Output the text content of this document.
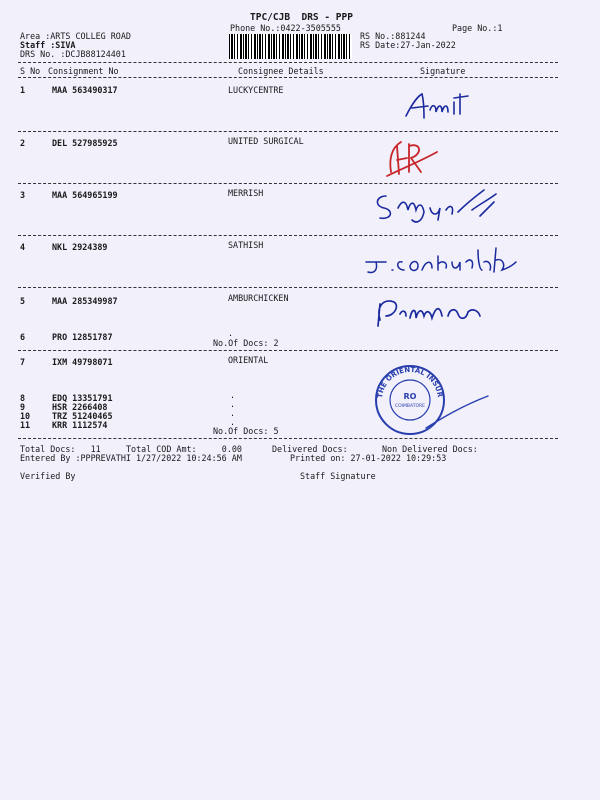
TPC/CJB  DRS - PPP
Phone No.:0422-3505555	Page No.:1
Area :ARTS COLLEG ROAD
Staff :SIVA
DRS No. :DCJB88124401
RS No.:881244
RS Date:27-Jan-2022
S No Consignment No	Consignee Details	Signature
1	MAA 563490317	LUCKYCENTRE
2	DEL 527985925	UNITED SURGICAL
3	MAA 564965199	MERRISH
4	NKL 2924389	SATHISH
5	MAA 285349987	AMBURCHICKEN
6	PRO 12851787	.
No.Of Docs: 2
7	IXM 49798071	ORIENTAL
8	EDQ 13351791	.
9	HSR 2266408	.
10	TRZ 51240465	.
11	KRR 1112574	.
No.Of Docs: 5
Total Docs:   11	Total COD Amt:     0.00	Delivered Docs:	Non Delivered Docs:
Entered By :PPPREVATHI 1/27/2022 10:24:56 AM	Printed on: 27-01-2022 10:29:53
Verified By	Staff Signature
THE ORIENTAL INSURANCE
RO
COIMBATORE
